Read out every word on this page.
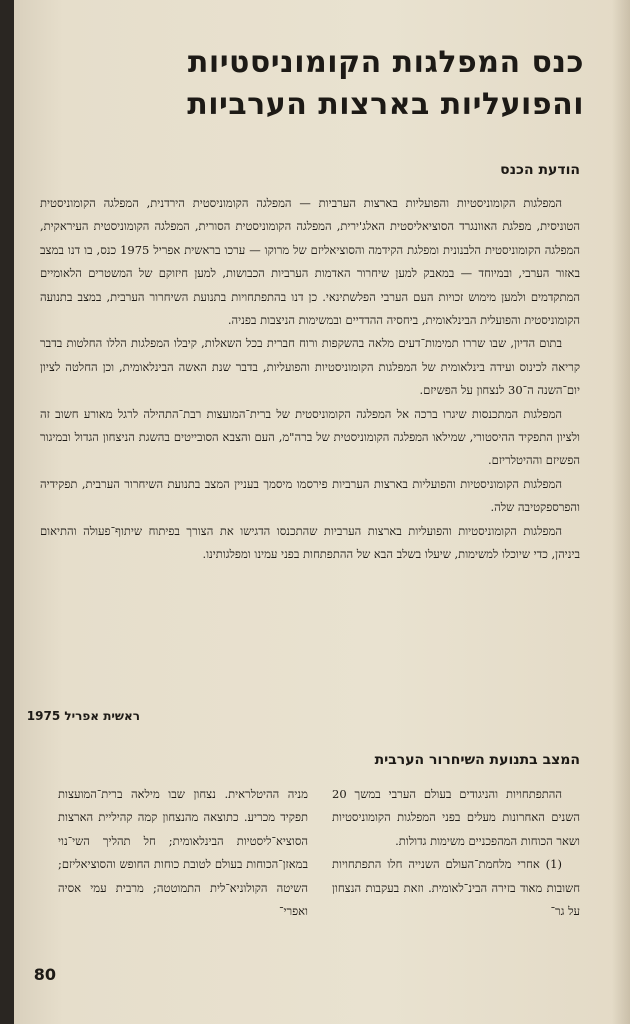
כנס המפלגות הקומוניסטיות
והפועליות בארצות הערביות
הודעת הכנס

המפלגות הקומוניסטיות והפועליות בארצות הערביות — המפלגה הקומוניסטית הירדנית, המפלגה הקומוניסטית הטוניסית, מפלגת האוונגרד הסוציאליסטית האלג'ירית, המפלגה הקומוניסטית הסורית, המפלגה הקומוניסטית העיראקית, המפלגה הקומוניסטית הלבנונית ומפלגת הקידמה והסוציאליזם של מרוקו — ערכו בראשית אפריל 1975 כנס, בו דנו במצב באזור הערבי, ובמיוחד — במאבק למען שיחרור האדמות הערביות הכבושות, למען חיזוקם של המשטרים הלאומיים המתקדמים ולמען מימוש זכויות העם הערבי הפלשתינאי. כן דנו בהתפתחויות בתנועת השיחרור הערבית, במצב בתנועה הקומוניסטית והפועלית הבינלאומית, ביחסיה ההדדיים ובמשימות הניצבות בפניה.

בתום הדיון, שבו שררו תמימות־דעים מלאה בהשקפות ורוח חברית בכל השאלות, קיבלו המפלגות הללו החלטות בדבר קריאה לכינוס ועידה בינלאומית של המפלגות הקומוניסטיות והפועליות, בדבר שנת האשה הבינלאומית, וכן החלטה לציון יום־השנה ה־30 לנצחון על הפשיזם.

המפלגות המתכנסות שיגרו ברכה אל המפלגה הקומוניסטית של ברית־המועצות רבת־התהילה לרגל מאורע חשוב זה ולציון התפקיד ההיסטורי, שמילאו המפלגה הקומוניסטית של ברה"מ, העם והצבא הסובייטים בהשגת הניצחון הגדול ובמיגור הפשיזם וההיטלריזם.

המפלגות הקומוניסטיות והפועליות בארצות הערביות פירסמו מיסמך בעניין המצב בתנועת השיחרור הערבית, תפקידיה והפרספקטיבה שלה.

המפלגות הקומוניסטיות והפועליות בארצות הערביות שהתכנסו הדגישו את הצורך בפיתוח שיתוף־פעולה והתיאום ביניהן, כדי שיוכלו למשימות, שיעלו בשלב הבא של ההתפתחות בפני עמינו ומפלגותינו.

ראשית אפריל 1975
המצב בתנועת השיחרור הערבית

ההתפתחויות והניגודים בעולם הערבי במשך 20 השנים האחרונות מעלים בפני המפלגות הקומוניסטיות ושאר הכוחות המהפכניים משימות גדולות.

(1) אחרי מלחמת־העולם השנייה חלו התפתחויות חשובות מאוד בזירה הבינ־לאומית. וזאת בעקבות הנצחון על גר־

מניה ההיטלראית. נצחון שבו מילאה ברית־המועצות תפקיד מכריע. כתוצאה מהנצחון קמה קהיליית הארצות הסוציא־ליסטיות הבינלאומית; חל תהליך השי־נוי במאזן־הכוחות בעולם לטובת כוחות החופש והסוציאליזם; השיטה הקולוניא־לית התמוטטה; מרבית עמי אסיה ואפרי־

80
